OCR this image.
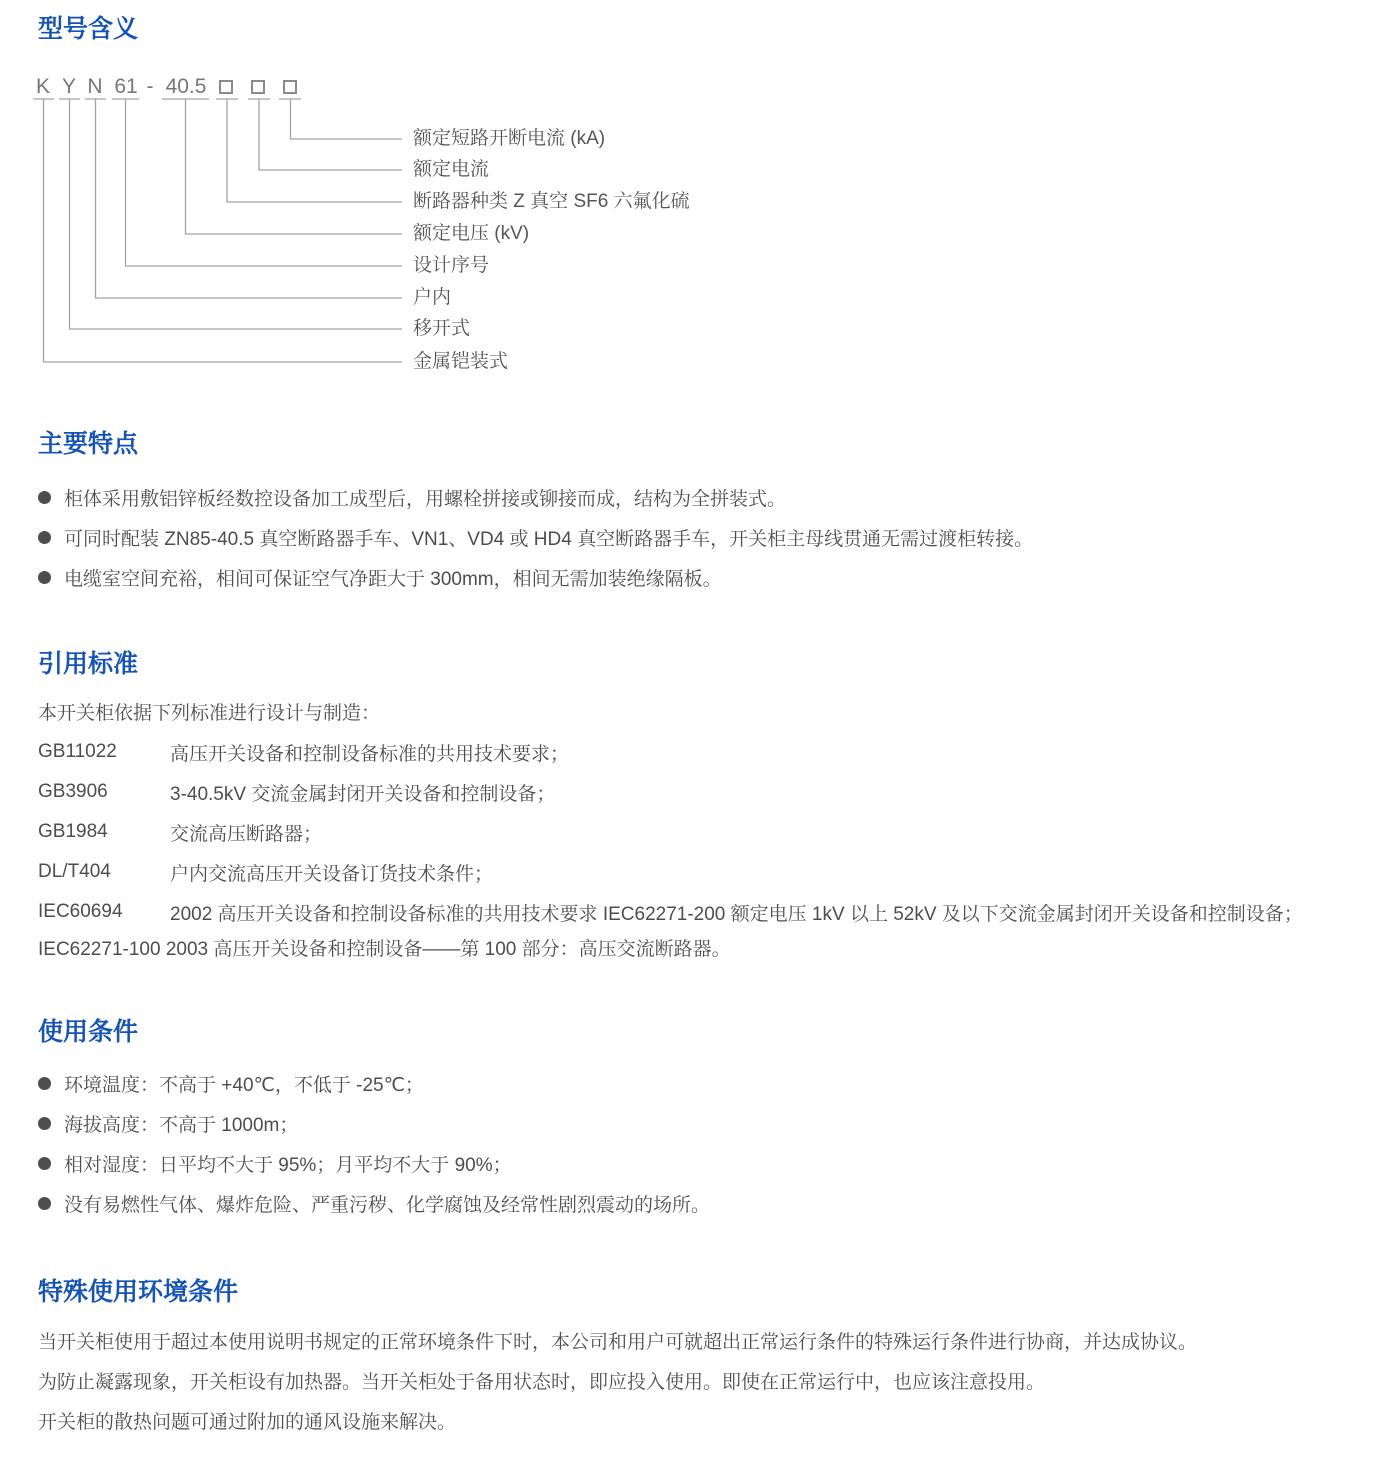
型号含义
K Y N 61 - 40.5
额定短路开断电流 (kA)
额定电流
断路器种类 Z 真空 SF6 六氟化硫
额定电压 (kV)
设计序号
户内
移开式
金属铠装式
主要特点
柜体采用敷铝锌板经数控设备加工成型后，用螺栓拼接或铆接而成，结构为全拼装式。
可同时配装 ZN85-40.5 真空断路器手车、VN1、VD4 或 HD4 真空断路器手车，开关柜主母线贯通无需过渡柜转接。
电缆室空间充裕，相间可保证空气净距大于 300mm，相间无需加装绝缘隔板。
引用标准

本开关柜依据下列标准进行设计与制造：

GB11022	高压开关设备和控制设备标准的共用技术要求；
GB3906	3-40.5kV 交流金属封闭开关设备和控制设备；
GB1984	交流高压断路器；
DL/T404	户内交流高压开关设备订货技术条件；
IEC60694	2002 高压开关设备和控制设备标准的共用技术要求 IEC62271-200 额定电压 1kV 以上 52kV 及以下交流金属封闭开关设备和控制设备；

IEC62271-100 2003 高压开关设备和控制设备——第 100 部分：高压交流断路器。

使用条件
环境温度：不高于 +40℃，不低于 -25℃；
海拔高度：不高于 1000m；
相对湿度：日平均不大于 95%；月平均不大于 90%；
没有易燃性气体、爆炸危险、严重污秽、化学腐蚀及经常性剧烈震动的场所。
特殊使用环境条件

当开关柜使用于超过本使用说明书规定的正常环境条件下时，本公司和用户可就超出正常运行条件的特殊运行条件进行协商，并达成协议。

为防止凝露现象，开关柜设有加热器。当开关柜处于备用状态时，即应投入使用。即使在正常运行中，也应该注意投用。

开关柜的散热问题可通过附加的通风设施来解决。
